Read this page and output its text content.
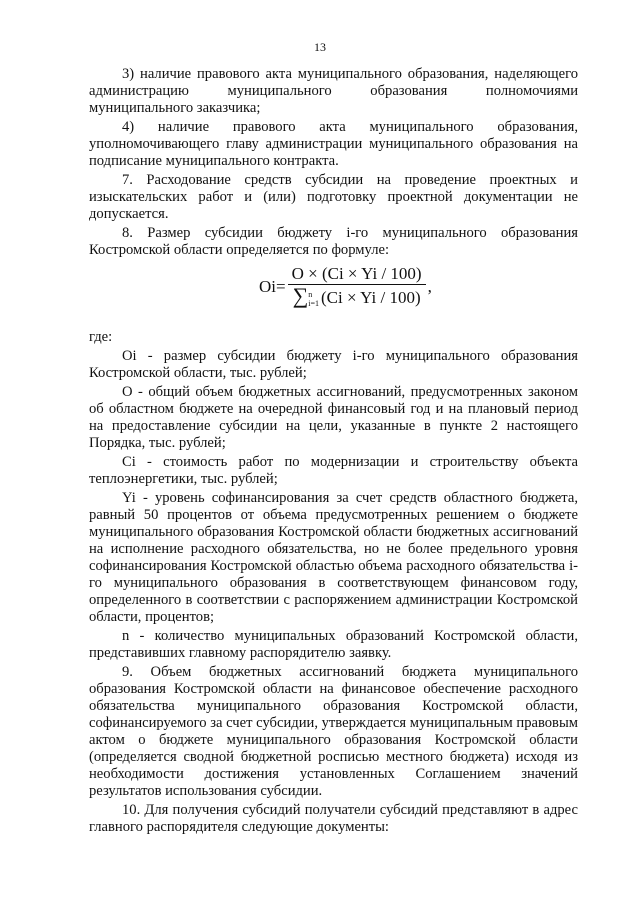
13

3) наличие правового акта муниципального образования, наделяющего администрацию муниципального образования полномочиями муниципального заказчика;

4) наличие правового акта муниципального образования, уполномочивающего главу администрации муниципального образования на подписание муниципального контракта.

7. Расходование средств субсидии на проведение проектных и изыскательских работ и (или) подготовку проектной документации не допускается.

8. Размер субсидии бюджету i-го муниципального образования Костромской области определяется по формуле:

Oi= O × (Ci × Yi / 100)
∑ n
i=1 (Ci × Yi / 100) ,

где:

Oi - размер субсидии бюджету i-го муниципального образования Костромской области, тыс. рублей;

O - общий объем бюджетных ассигнований, предусмотренных законом об областном бюджете на очередной финансовый год и на плановый период на предоставление субсидии на цели, указанные в пункте 2 настоящего Порядка, тыс. рублей;

Ci - стоимость работ по модернизации и строительству объекта теплоэнергетики, тыс. рублей;

Yi - уровень софинансирования за счет средств областного бюджета, равный 50 процентов от объема предусмотренных решением о бюджете муниципального образования Костромской области бюджетных ассигнований на исполнение расходного обязательства, но не более предельного уровня софинансирования Костромской областью объема расходного обязательства i-го муниципального образования в соответствующем финансовом году, определенного в соответствии с распоряжением администрации Костромской области, процентов;

n - количество муниципальных образований Костромской области, представивших главному распорядителю заявку.

9. Объем бюджетных ассигнований бюджета муниципального образования Костромской области на финансовое обеспечение расходного обязательства муниципального образования Костромской области, софинансируемого за счет субсидии, утверждается муниципальным правовым актом о бюджете муниципального образования Костромской области (определяется сводной бюджетной росписью местного бюджета) исходя из необходимости достижения установленных Соглашением значений результатов использования субсидии.

10. Для получения субсидий получатели субсидий представляют в адрес главного распорядителя следующие документы:
